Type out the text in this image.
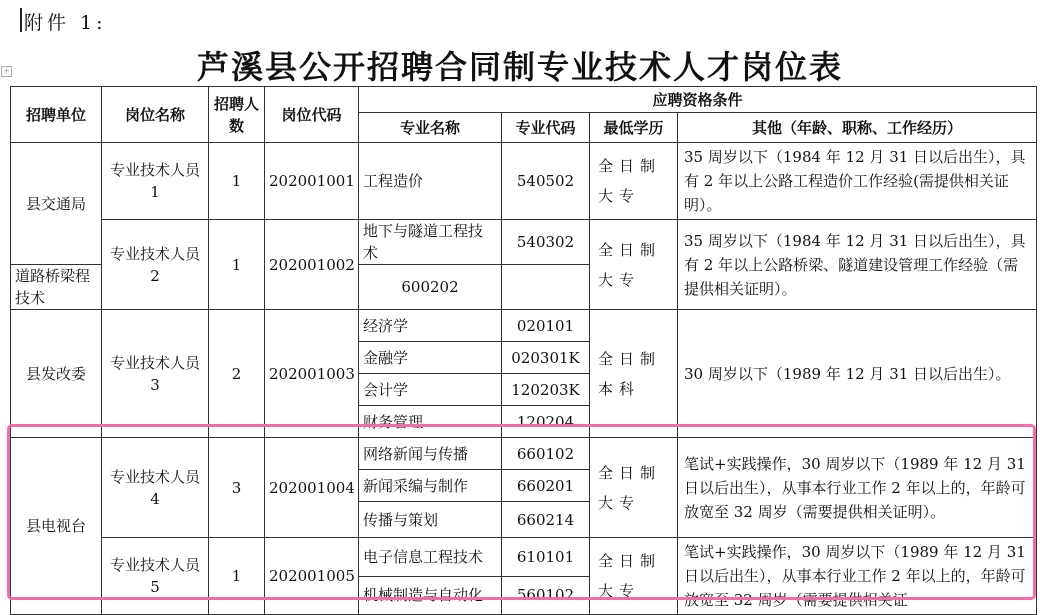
附件 1:
+	芦溪县公开招聘合同制专业技术人才岗位表
招聘单位	岗位名称	招聘人数	岗位代码	应聘资格条件			
				专业名称	专业代码	最低学历	其他（年龄、职称、工作经历）
县交通局	专业技术人员 1	1	202001001	工程造价	540502	全日制大专	35 周岁以下（1984 年 12 月 31 日以后出生），具有 2 年以上公路工程造价工作经验(需提供相关证明）。
	专业技术人员 2	1	202001002	地下与隧道工程技术	540302	全日制大专	35 周岁以下（1984 年 12 月 31 日以后出生），具有 2 年以上公路桥梁、隧道建设管理工作经验（需提供相关证明）。
道路桥梁程技术				600202			
县发改委	专业技术人员 3	2	202001003	经济学	020101	全日制本科	30 周岁以下（1989 年 12 月 31 日以后出生）。
				金融学	020301K		
				会计学	120203K		
				财务管理	120204		
县电视台	专业技术人员 4	3	202001004	网络新闻与传播	660102	全日制大专	笔试+实践操作，30 周岁以下（1989 年 12 月 31 日以后出生），从事本行业工作 2 年以上的，年龄可放宽至 32 周岁（需要提供相关证明）。
				新闻采编与制作	660201		
				传播与策划	660214		
	专业技术人员 5	1	202001005	电子信息工程技术	610101	全日制大专	笔试+实践操作，30 周岁以下（1989 年 12 月 31 日以后出生），从事本行业工作 2 年以上的，年龄可放宽至 32 周岁（需要提供相关证
				机械制造与自动化	560102		
